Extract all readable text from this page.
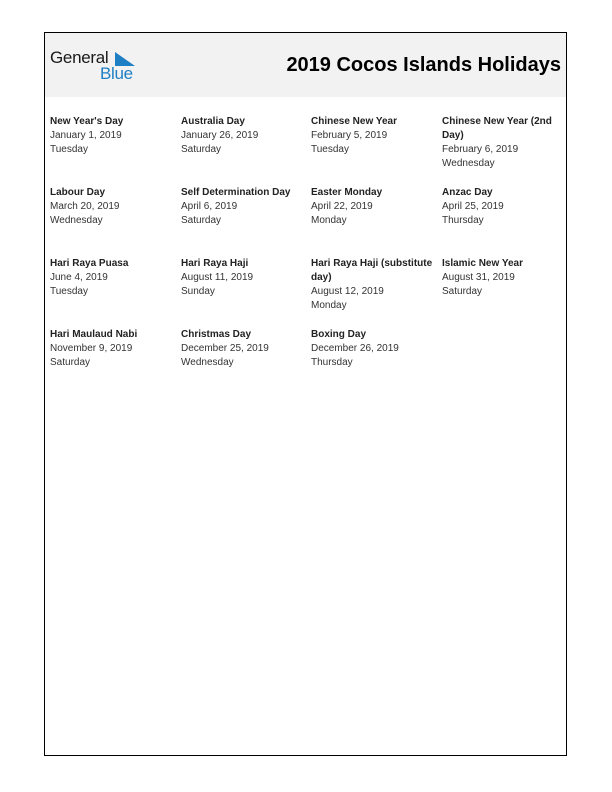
General
Blue	2019 Cocos Islands Holidays
New Year's Day
January 1, 2019
Tuesday
Australia Day
January 26, 2019
Saturday
Chinese New Year
February 5, 2019
Tuesday
Chinese New Year (2nd Day)
February 6, 2019
Wednesday
Labour Day
March 20, 2019
Wednesday
Self Determination Day
April 6, 2019
Saturday
Easter Monday
April 22, 2019
Monday
Anzac Day
April 25, 2019
Thursday
Hari Raya Puasa
June 4, 2019
Tuesday
Hari Raya Haji
August 11, 2019
Sunday
Hari Raya Haji (substitute day)
August 12, 2019
Monday
Islamic New Year
August 31, 2019
Saturday
Hari Maulaud Nabi
November 9, 2019
Saturday
Christmas Day
December 25, 2019
Wednesday
Boxing Day
December 26, 2019
Thursday
